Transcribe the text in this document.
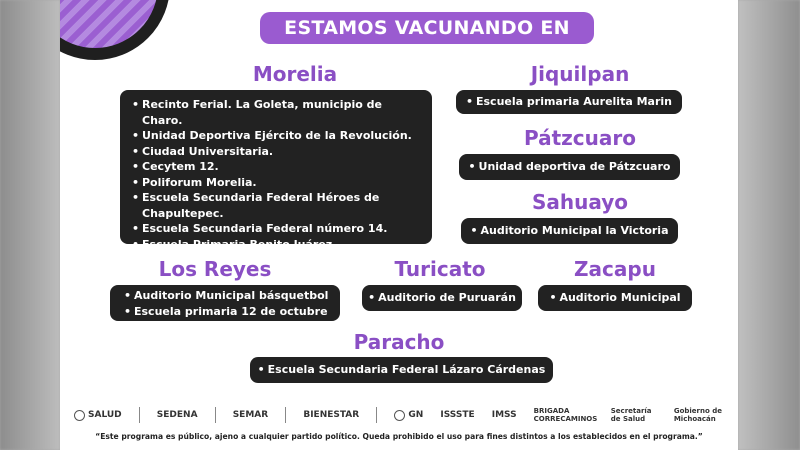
ESTAMOS VACUNANDO EN
Morelia
• Recinto Ferial. La Goleta, municipio de Charo.
• Unidad Deportiva Ejército de la Revolución.
• Ciudad Universitaria.
• Cecytem 12.
• Poliforum Morelia.
• Escuela Secundaria Federal Héroes de Chapultepec.
• Escuela Secundaria Federal número 14.
• Escuela Primaria Benito Juárez.
Jiquilpan
• Escuela primaria Aurelita Marin
Pátzcuaro
• Unidad deportiva de Pátzcuaro
Sahuayo
• Auditorio Municipal la Victoria
Los Reyes
• Auditorio Municipal básquetbol
• Escuela primaria 12 de octubre
Turicato
• Auditorio de Puruarán
Zacapu
• Auditorio Municipal
Paracho
• Escuela Secundaria Federal Lázaro Cárdenas
SALUD	SEDENA	SEMAR	BIENESTAR	GN ISSSTE IMSS BRIGADA CORRECAMINOS
Secretaría de Salud
Gobierno de Michoacán
“Este programa es público, ajeno a cualquier partido político. Queda prohibido el uso para fines distintos a los establecidos en el programa.”
